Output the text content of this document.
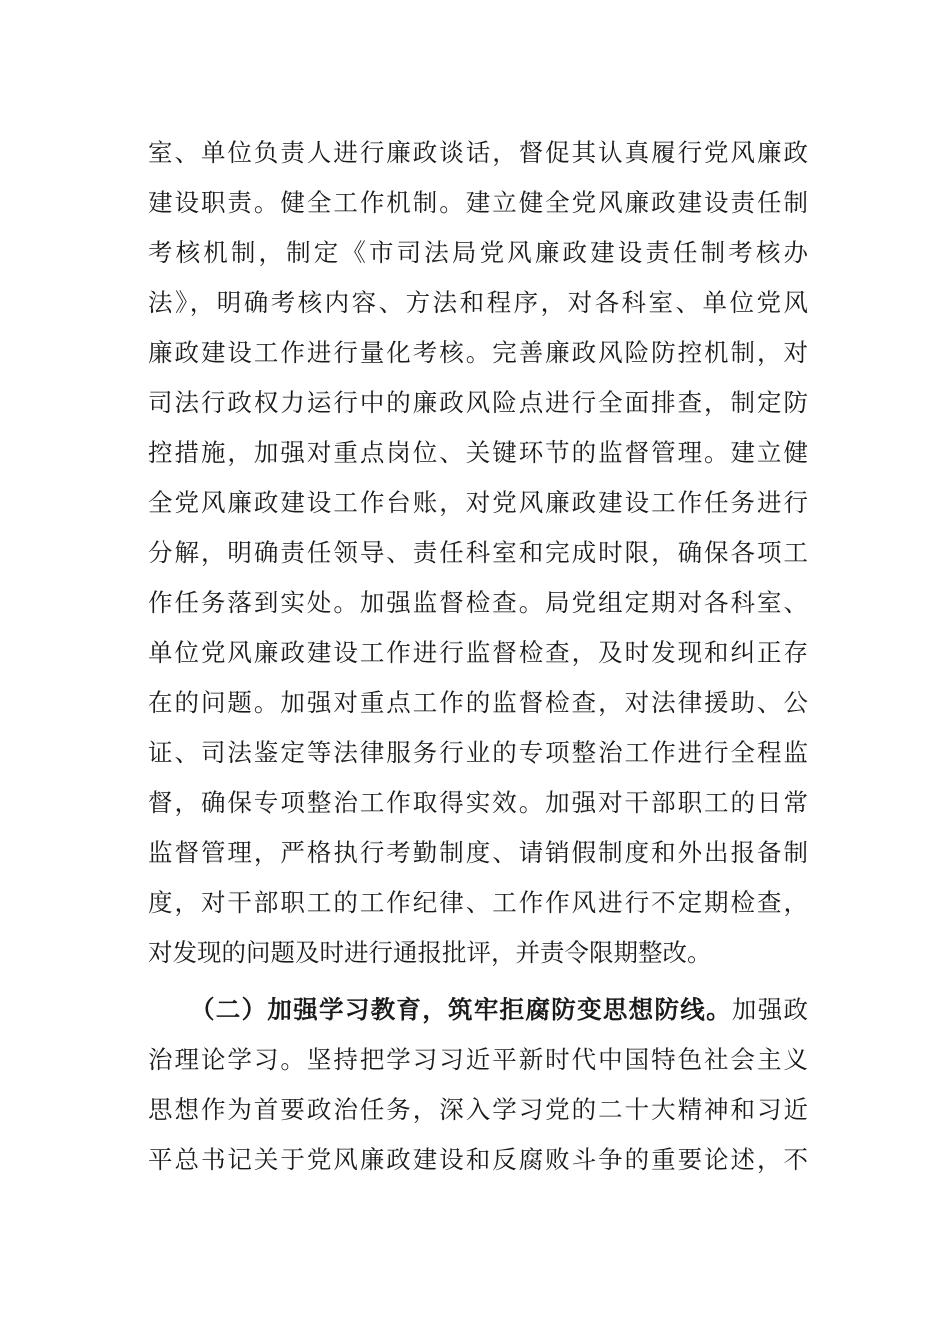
室、单位负责人进行廉政谈话，督促其认真履行党风廉政
建设职责。健全工作机制。建立健全党风廉政建设责任制
考核机制，制定《市司法局党风廉政建设责任制考核办
法》，明确考核内容、方法和程序，对各科室、单位党风
廉政建设工作进行量化考核。完善廉政风险防控机制，对
司法行政权力运行中的廉政风险点进行全面排查，制定防
控措施，加强对重点岗位、关键环节的监督管理。建立健
全党风廉政建设工作台账，对党风廉政建设工作任务进行
分解，明确责任领导、责任科室和完成时限，确保各项工
作任务落到实处。加强监督检查。局党组定期对各科室、
单位党风廉政建设工作进行监督检查，及时发现和纠正存
在的问题。加强对重点工作的监督检查，对法律援助、公
证、司法鉴定等法律服务行业的专项整治工作进行全程监
督，确保专项整治工作取得实效。加强对干部职工的日常
监督管理，严格执行考勤制度、请销假制度和外出报备制
度，对干部职工的工作纪律、工作作风进行不定期检查，
对发现的问题及时进行通报批评，并责令限期整改。
（二）加强学习教育，筑牢拒腐防变思想防线。加强政
治理论学习。坚持把学习习近平新时代中国特色社会主义
思想作为首要政治任务，深入学习党的二十大精神和习近
平总书记关于党风廉政建设和反腐败斗争的重要论述，不
